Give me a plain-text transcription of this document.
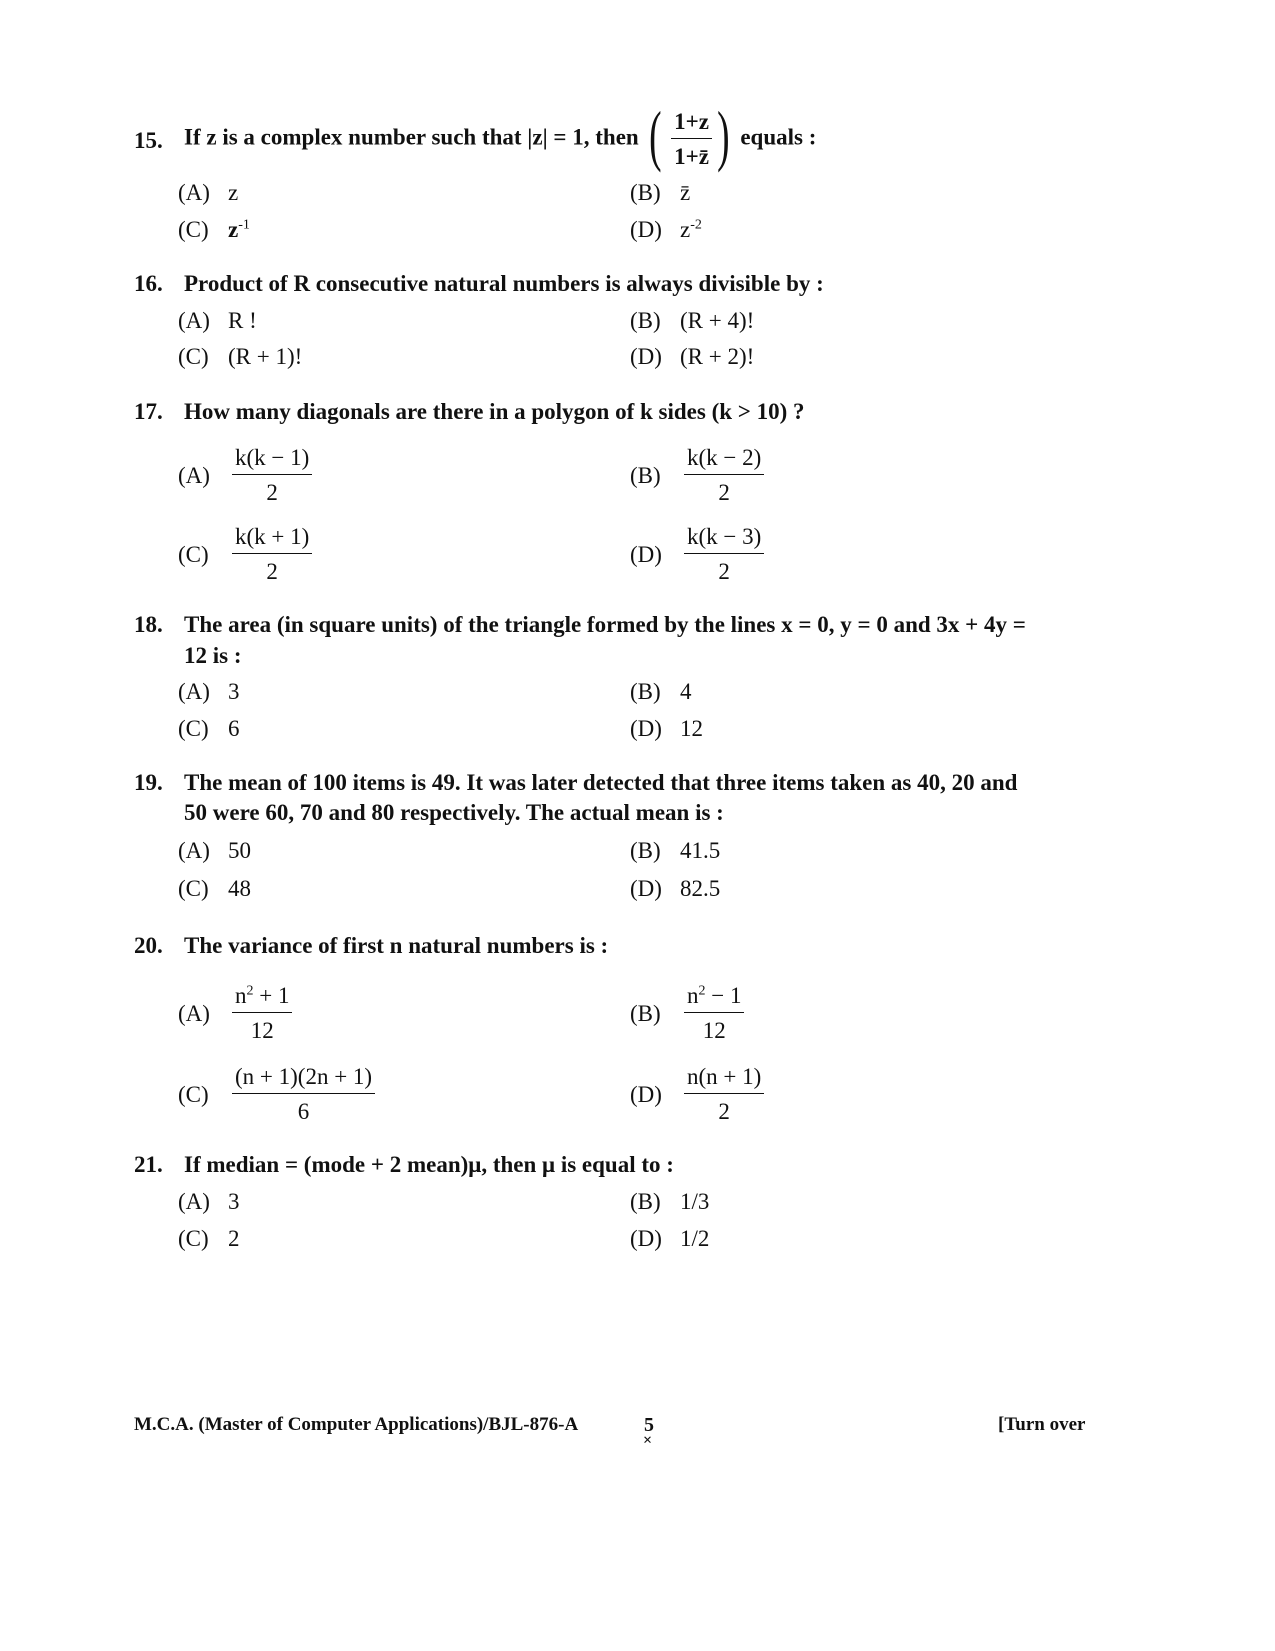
15. If z is a complex number such that |z| = 1, then ( $\frac{1+z}{1+z̄}$ ) equals :
(A) z	(B) z̄
(C) $z^{-1}$	(D) $z^{-2}$
16. Product of R consecutive natural numbers is always divisible by :
(A) R !	(B) (R + 4)!
(C) (R + 1)!	(D) (R + 2)!
17. How many diagonals are there in a polygon of k sides (k > 10) ?
$(A) \frac{k(k - 1)}{2}$	$(B) \frac{k(k - 2)}{2}$
$(C) \frac{k(k + 1)}{2}$	$(D) \frac{k(k - 3)}{2}$
18. The area (in square units) of the triangle formed by the lines x = 0, y = 0 and 3x + 4y =
12 is :
(A) 3	(B) 4
(C) 6	(D) 12
19. The mean of 100 items is 49. It was later detected that three items taken as 40, 20 and
50 were 60, 70 and 80 respectively. The actual mean is :
(A) 50	(B) 41.5
(C) 48	(D) 82.5
20. The variance of first n natural numbers is :
$(A) \frac{n^2 + 1}{12}$	$(B) \frac{n^2 - 1}{12}$
$(C) \frac{(n + 1)(2n + 1)}{6}$	$(D) \frac{n(n + 1)}{2}$
21. If median = (mode + 2 mean)μ, then μ is equal to :
(A) 3	(B) 1/3
(C) 2	(D) 1/2
M.C.A. (Master of Computer Applications)/BJL-876-A	5
×
[Turn over
